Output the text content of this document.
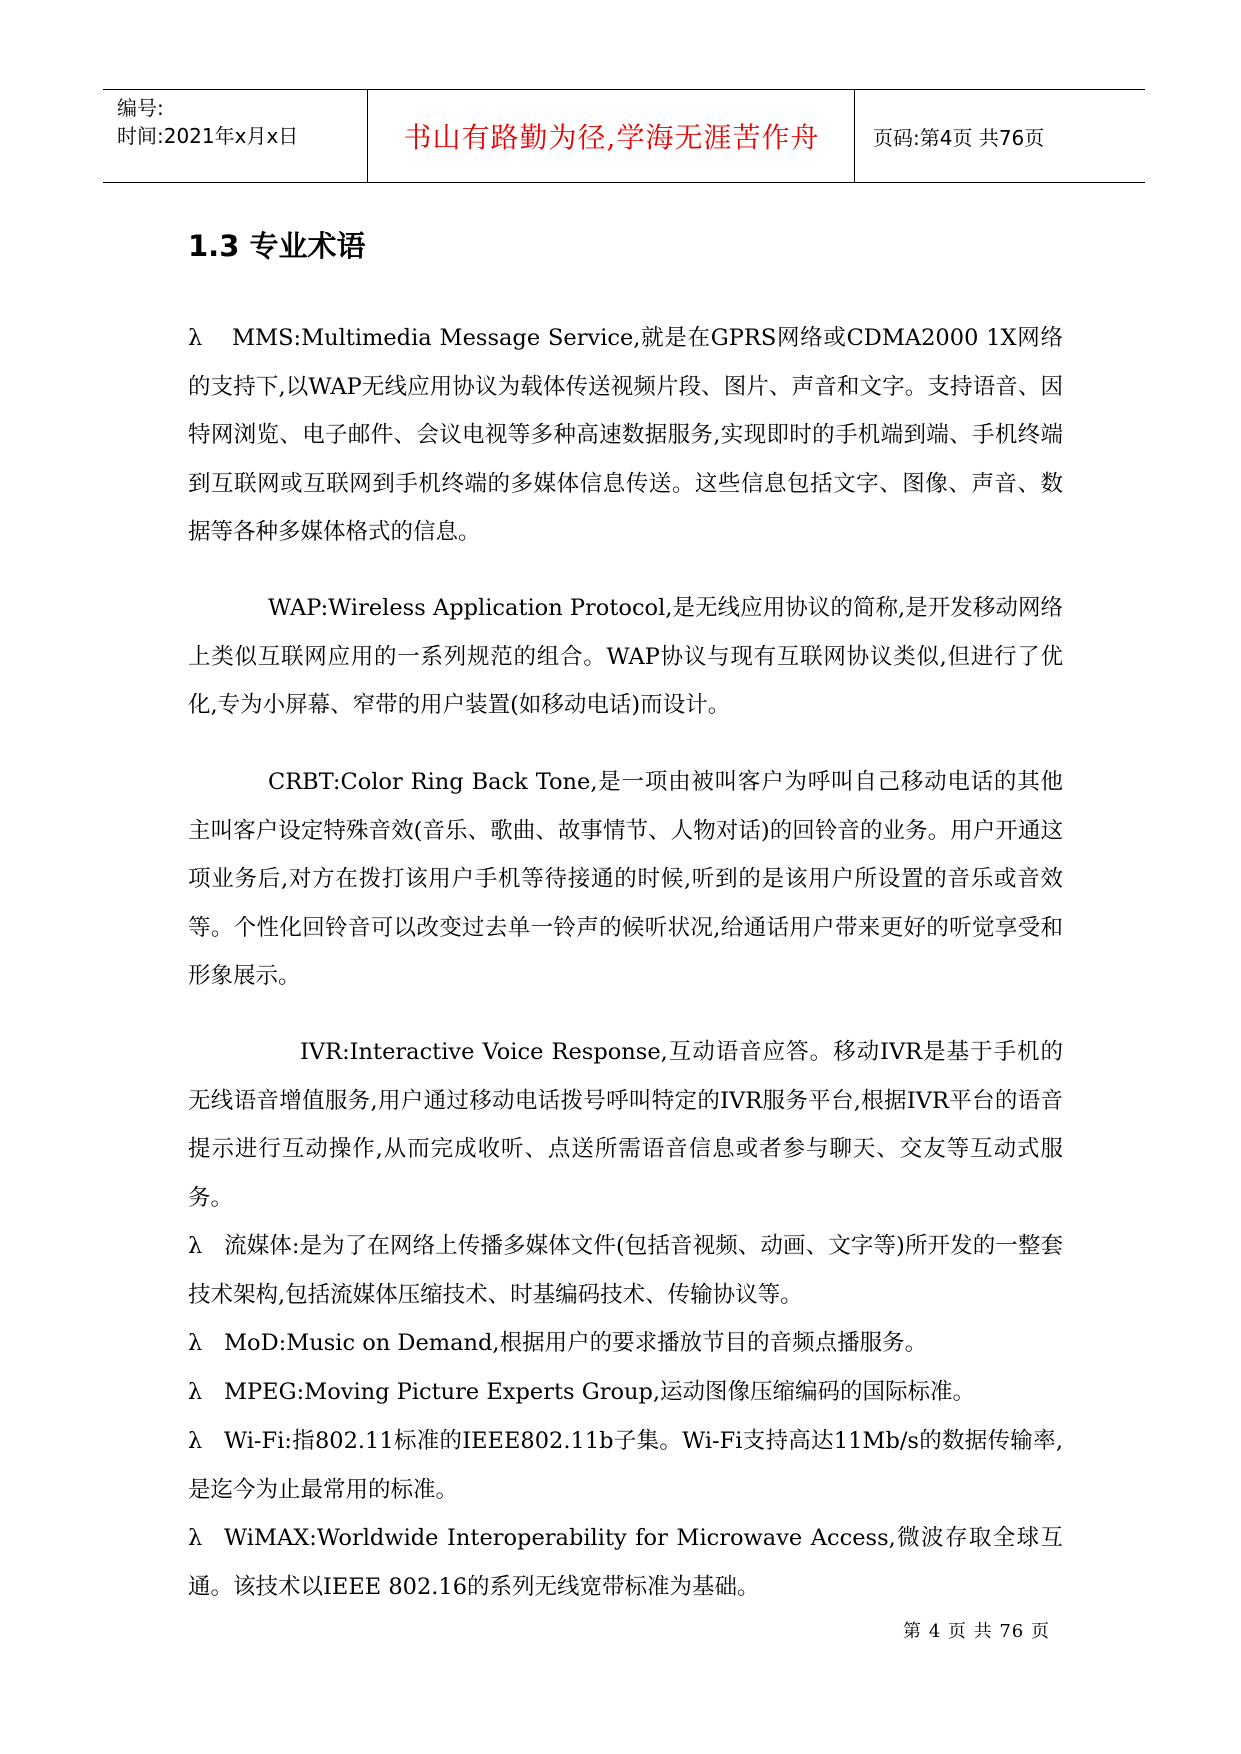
编号:
时间:2021年x月x日	书山有路勤为径,学海无涯苦作舟	页码:第4页 共76页
1.3 专业术语

λ MMS:Multimedia Message Service,就是在GPRS网络或CDMA2000 1X网络的支持下,以WAP无线应用协议为载体传送视频片段、图片、声音和文字。支持语音、因特网浏览、电子邮件、会议电视等多种高速数据服务,实现即时的手机端到端、手机终端到互联网或互联网到手机终端的多媒体信息传送。这些信息包括文字、图像、声音、数据等各种多媒体格式的信息。

WAP:Wireless Application Protocol,是无线应用协议的简称,是开发移动网络上类似互联网应用的一系列规范的组合。WAP协议与现有互联网协议类似,但进行了优化,专为小屏幕、窄带的用户装置(如移动电话)而设计。

CRBT:Color Ring Back Tone,是一项由被叫客户为呼叫自己移动电话的其他主叫客户设定特殊音效(音乐、歌曲、故事情节、人物对话)的回铃音的业务。用户开通这项业务后,对方在拨打该用户手机等待接通的时候,听到的是该用户所设置的音乐或音效等。个性化回铃音可以改变过去单一铃声的候听状况,给通话用户带来更好的听觉享受和形象展示。

IVR:Interactive Voice Response,互动语音应答。移动IVR是基于手机的无线语音增值服务,用户通过移动电话拨号呼叫特定的IVR服务平台,根据IVR平台的语音提示进行互动操作,从而完成收听、点送所需语音信息或者参与聊天、交友等互动式服务。

λ 流媒体:是为了在网络上传播多媒体文件(包括音视频、动画、文字等)所开发的一整套技术架构,包括流媒体压缩技术、时基编码技术、传输协议等。

λ MoD:Music on Demand,根据用户的要求播放节目的音频点播服务。

λ MPEG:Moving Picture Experts Group,运动图像压缩编码的国际标准。

λ Wi-Fi:指802.11标准的IEEE802.11b子集。Wi-Fi支持高达11Mb/s的数据传输率,是迄今为止最常用的标准。

λ WiMAX:Worldwide Interoperability for Microwave Access,微波存取全球互通。该技术以IEEE 802.16的系列无线宽带标准为基础。

第 4 页 共 76 页
